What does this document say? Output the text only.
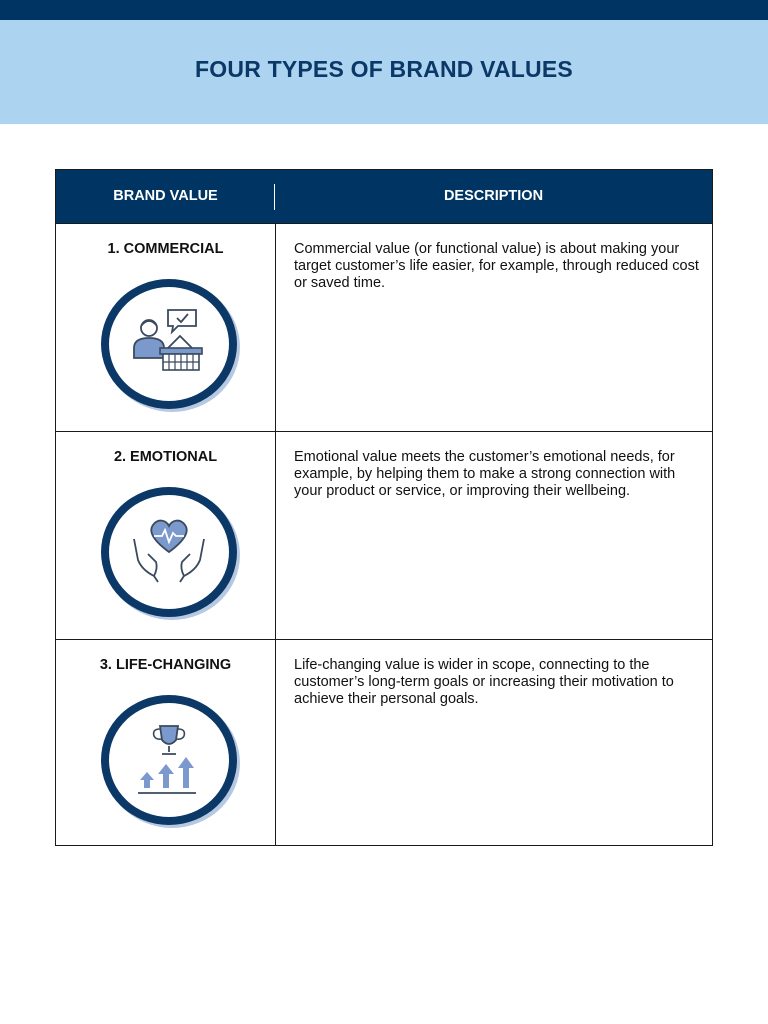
FOUR TYPES OF BRAND VALUES
BRAND VALUE	DESCRIPTION
1. COMMERCIAL	Commercial value (or functional value) is about making your target customer’s life easier, for example, through reduced cost or saved time.
2. EMOTIONAL	Emotional value meets the customer’s emotional needs, for example, by helping them to make a strong connection with your product or service, or improving their wellbeing.
3. LIFE-CHANGING	Life-changing value is wider in scope, connecting to the customer’s long-term goals or increasing their motivation to achieve their personal goals.
